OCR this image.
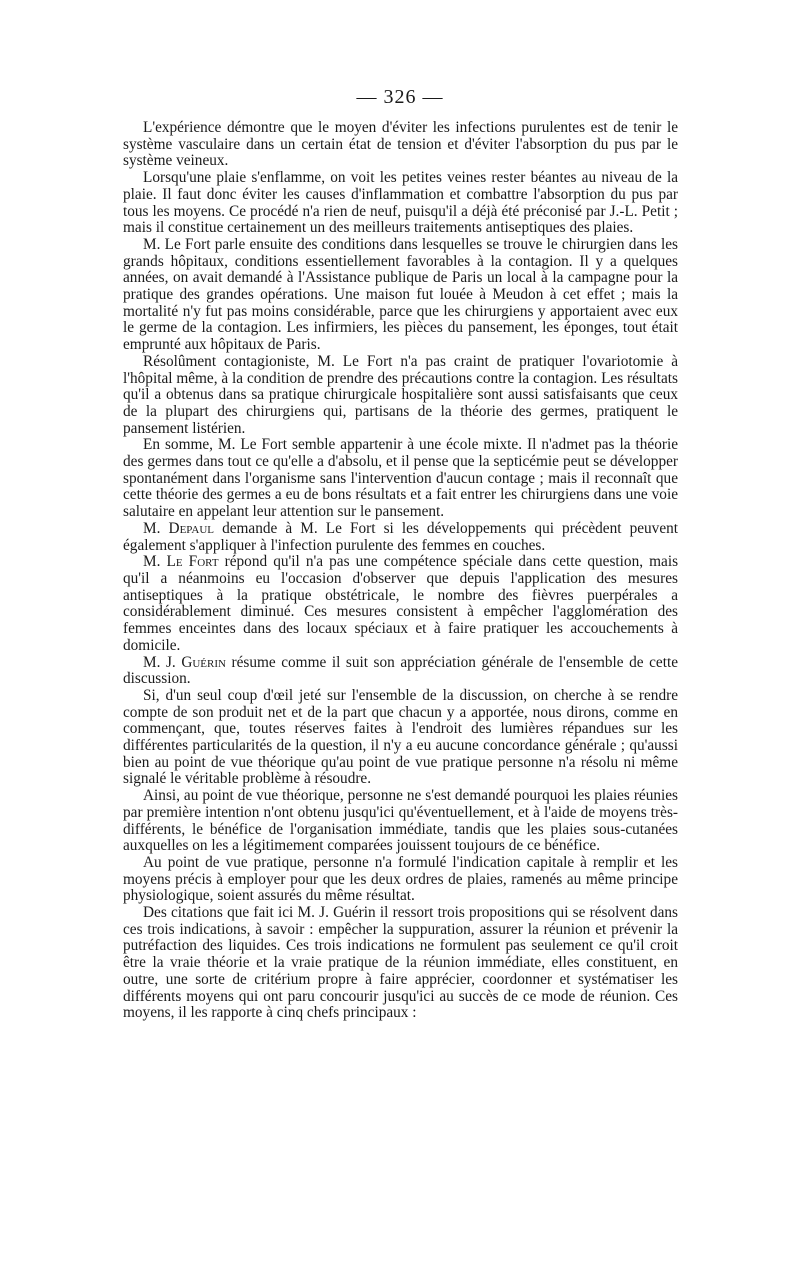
— 326 —

L'expérience démontre que le moyen d'éviter les infections purulentes est de tenir le système vasculaire dans un certain état de tension et d'éviter l'absorption du pus par le système veineux.

Lorsqu'une plaie s'enflamme, on voit les petites veines rester béantes au niveau de la plaie. Il faut donc éviter les causes d'inflammation et combattre l'absorption du pus par tous les moyens. Ce procédé n'a rien de neuf, puisqu'il a déjà été préconisé par J.-L. Petit ; mais il constitue certainement un des meilleurs traitements antiseptiques des plaies.

M. Le Fort parle ensuite des conditions dans lesquelles se trouve le chirurgien dans les grands hôpitaux, conditions essentiellement favorables à la contagion. Il y a quelques années, on avait demandé à l'Assistance publique de Paris un local à la campagne pour la pratique des grandes opérations. Une maison fut louée à Meudon à cet effet ; mais la mortalité n'y fut pas moins considérable, parce que les chirurgiens y apportaient avec eux le germe de la contagion. Les infirmiers, les pièces du pansement, les éponges, tout était emprunté aux hôpitaux de Paris.

Résolûment contagioniste, M. Le Fort n'a pas craint de pratiquer l'ovariotomie à l'hôpital même, à la condition de prendre des précautions contre la contagion. Les résultats qu'il a obtenus dans sa pratique chirurgicale hospitalière sont aussi satisfaisants que ceux de la plupart des chirurgiens qui, partisans de la théorie des germes, pratiquent le pansement listérien.

En somme, M. Le Fort semble appartenir à une école mixte. Il n'admet pas la théorie des germes dans tout ce qu'elle a d'absolu, et il pense que la septicémie peut se développer spontanément dans l'organisme sans l'intervention d'aucun contage ; mais il reconnaît que cette théorie des germes a eu de bons résultats et a fait entrer les chirurgiens dans une voie salutaire en appelant leur attention sur le pansement.

M. Depaul demande à M. Le Fort si les développements qui précèdent peuvent également s'appliquer à l'infection purulente des femmes en couches.

M. Le Fort répond qu'il n'a pas une compétence spéciale dans cette question, mais qu'il a néanmoins eu l'occasion d'observer que depuis l'application des mesures antiseptiques à la pratique obstétricale, le nombre des fièvres puerpérales a considérablement diminué. Ces mesures consistent à empêcher l'agglomération des femmes enceintes dans des locaux spéciaux et à faire pratiquer les accouchements à domicile.

M. J. Guérin résume comme il suit son appréciation générale de l'ensemble de cette discussion.

Si, d'un seul coup d'œil jeté sur l'ensemble de la discussion, on cherche à se rendre compte de son produit net et de la part que chacun y a apportée, nous dirons, comme en commençant, que, toutes réserves faites à l'endroit des lumières répandues sur les différentes particularités de la question, il n'y a eu aucune concordance générale ; qu'aussi bien au point de vue théorique qu'au point de vue pratique personne n'a résolu ni même signalé le véritable problème à résoudre.

Ainsi, au point de vue théorique, personne ne s'est demandé pourquoi les plaies réunies par première intention n'ont obtenu jusqu'ici qu'éventuellement, et à l'aide de moyens très-différents, le bénéfice de l'organisation immédiate, tandis que les plaies sous-cutanées auxquelles on les a légitimement comparées jouissent toujours de ce bénéfice.

Au point de vue pratique, personne n'a formulé l'indication capitale à remplir et les moyens précis à employer pour que les deux ordres de plaies, ramenés au même principe physiologique, soient assurés du même résultat.

Des citations que fait ici M. J. Guérin il ressort trois propositions qui se résolvent dans ces trois indications, à savoir : empêcher la suppuration, assurer la réunion et prévenir la putréfaction des liquides. Ces trois indications ne formulent pas seulement ce qu'il croit être la vraie théorie et la vraie pratique de la réunion immédiate, elles constituent, en outre, une sorte de critérium propre à faire apprécier, coordonner et systématiser les différents moyens qui ont paru concourir jusqu'ici au succès de ce mode de réunion. Ces moyens, il les rapporte à cinq chefs principaux :
